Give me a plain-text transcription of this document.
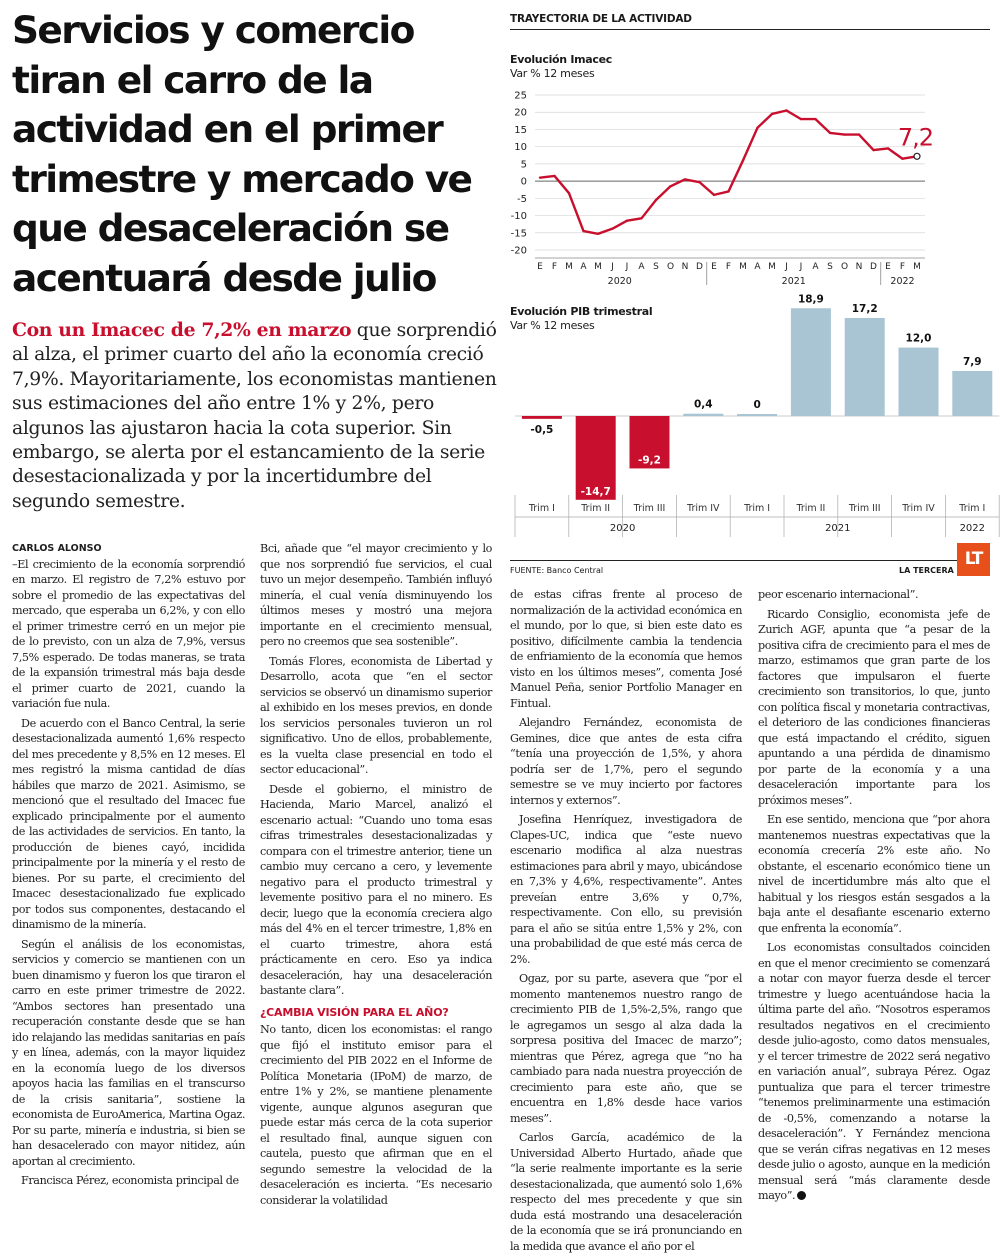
Servicios y comercio tiran el carro de la actividad en el primer trimestre y mercado ve que desaceleración se acentuará desde julio

Con un Imacec de 7,2% en marzo que sorprendió al alza, el primer cuarto del año la economía creció 7,9%. Mayoritariamente, los economistas mantienen sus estimaciones del año entre 1% y 2%, pero algunos las ajustaron hacia la cota superior. Sin embargo, se alerta por el estancamiento de la serie desestacionalizada y por la incertidumbre del segundo semestre.

TRAYECTORIA DE LA ACTIVIDAD
Evolución Imacec
Var % 12 meses
25
20
15
10
5
0
-5
-10
-15
-20
E F M A M J J A S O N D E F M A M J J A S O N D E F M
2020	2021	2022
7,2
Evolución PIB trimestral
Var % 12 meses
-0,5
Trim I
-14,7
Trim II
-9,2
Trim III
0,4
Trim IV
0
Trim I
18,9
Trim II
17,2
Trim III
12,0
Trim IV
7,9
Trim I
2020	2021	2022
FUENTE: Banco Central	LA TERCERA
LT

CARLOS ALONSO

–El crecimiento de la economía sorprendió en marzo. El registro de 7,2% estuvo por sobre el promedio de las expectativas del mercado, que esperaba un 6,2%, y con ello el primer trimestre cerró en un mejor pie de lo previsto, con un alza de 7,9%, versus 7,5% esperado. De todas maneras, se trata de la expansión trimestral más baja desde el primer cuarto de 2021, cuando la variación fue nula.

De acuerdo con el Banco Central, la serie desestacionalizada aumentó 1,6% respecto del mes precedente y 8,5% en 12 meses. El mes registró la misma cantidad de días hábiles que marzo de 2021. Asimismo, se mencionó que el resultado del Imacec fue explicado principalmente por el aumento de las actividades de servicios. En tanto, la producción de bienes cayó, incidida principalmente por la minería y el resto de bienes. Por su parte, el crecimiento del Imacec desestacionalizado fue explicado por todos sus componentes, destacando el dinamismo de la minería.

Según el análisis de los economistas, servicios y comercio se mantienen con un buen dinamismo y fueron los que tiraron el carro en este primer trimestre de 2022. “Ambos sectores han presentado una recuperación constante desde que se han ido relajando las medidas sanitarias en país y en línea, además, con la mayor liquidez en la economía luego de los diversos apoyos hacia las familias en el transcurso de la crisis sanitaria”, sostiene la economista de EuroAmerica, Martina Ogaz. Por su parte, minería e industria, si bien se han desacelerado con mayor nitidez, aún aportan al crecimiento.

Francisca Pérez, economista principal de

Bci, añade que “el mayor crecimiento y lo que nos sorprendió fue servicios, el cual tuvo un mejor desempeño. También influyó minería, el cual venía disminuyendo los últimos meses y mostró una mejora importante en el crecimiento mensual, pero no creemos que sea sostenible”.

Tomás Flores, economista de Libertad y Desarrollo, acota que “en el sector servicios se observó un dinamismo superior al exhibido en los meses previos, en donde los servicios personales tuvieron un rol significativo. Uno de ellos, probablemente, es la vuelta clase presencial en todo el sector educacional”.

Desde el gobierno, el ministro de Hacienda, Mario Marcel, analizó el escenario actual: “Cuando uno toma esas cifras trimestrales desestacionalizadas y compara con el trimestre anterior, tiene un cambio muy cercano a cero, y levemente negativo para el producto trimestral y levemente positivo para el no minero. Es decir, luego que la economía creciera algo más del 4% en el tercer trimestre, 1,8% en el cuarto trimestre, ahora está prácticamente en cero. Eso ya indica desaceleración, hay una desaceleración bastante clara”.

¿CAMBIA VISIÓN PARA EL AÑO?

No tanto, dicen los economistas: el rango que fijó el instituto emisor para el crecimiento del PIB 2022 en el Informe de Política Monetaria (IPoM) de marzo, de entre 1% y 2%, se mantiene plenamente vigente, aunque algunos aseguran que puede estar más cerca de la cota superior el resultado final, aunque siguen con cautela, puesto que afirman que en el segundo semestre la velocidad de la desaceleración es incierta. “Es necesario considerar la volatilidad

de estas cifras frente al proceso de normalización de la actividad económica en el mundo, por lo que, si bien este dato es positivo, difícilmente cambia la tendencia de enfriamiento de la economía que hemos visto en los últimos meses”, comenta José Manuel Peña, senior Portfolio Manager en Fintual.

Alejandro Fernández, economista de Gemines, dice que antes de esta cifra “tenía una proyección de 1,5%, y ahora podría ser de 1,7%, pero el segundo semestre se ve muy incierto por factores internos y externos”.

Josefina Henríquez, investigadora de Clapes-UC, indica que “este nuevo escenario modifica al alza nuestras estimaciones para abril y mayo, ubicándose en 7,3% y 4,6%, respectivamente”. Antes preveían entre 3,6% y 0,7%, respectivamente. Con ello, su previsión para el año se sitúa entre 1,5% y 2%, con una probabilidad de que esté más cerca de 2%.

Ogaz, por su parte, asevera que “por el momento mantenemos nuestro rango de crecimiento PIB de 1,5%-2,5%, rango que le agregamos un sesgo al alza dada la sorpresa positiva del Imacec de marzo”; mientras que Pérez, agrega que “no ha cambiado para nada nuestra proyección de crecimiento para este año, que se encuentra en 1,8% desde hace varios meses”.

Carlos García, académico de la Universidad Alberto Hurtado, añade que “la serie realmente importante es la serie desestacionalizada, que aumentó solo 1,6% respecto del mes precedente y que sin duda está mostrando una desaceleración de la economía que se irá pronunciando en la medida que avance el año por el

peor escenario internacional”.

Ricardo Consiglio, economista jefe de Zurich AGF, apunta que “a pesar de la positiva cifra de crecimiento para el mes de marzo, estimamos que gran parte de los factores que impulsaron el fuerte crecimiento son transitorios, lo que, junto con política fiscal y monetaria contractivas, el deterioro de las condiciones financieras que está impactando el crédito, siguen apuntando a una pérdida de dinamismo por parte de la economía y a una desaceleración importante para los próximos meses”.

En ese sentido, menciona que “por ahora mantenemos nuestras expectativas que la economía crecería 2% este año. No obstante, el escenario económico tiene un nivel de incertidumbre más alto que el habitual y los riesgos están sesgados a la baja ante el desafiante escenario externo que enfrenta la economía”.

Los economistas consultados coinciden en que el menor crecimiento se comenzará a notar con mayor fuerza desde el tercer trimestre y luego acentuándose hacia la última parte del año. “Nosotros esperamos resultados negativos en el crecimiento desde julio-agosto, como datos mensuales, y el tercer trimestre de 2022 será negativo en variación anual”, subraya Pérez. Ogaz puntualiza que para el tercer trimestre “tenemos preliminarmente una estimación de -0,5%, comenzando a notarse la desaceleración”. Y Fernández menciona que se verán cifras negativas en 12 meses desde julio o agosto, aunque en la medición mensual será “más claramente desde mayo”.
